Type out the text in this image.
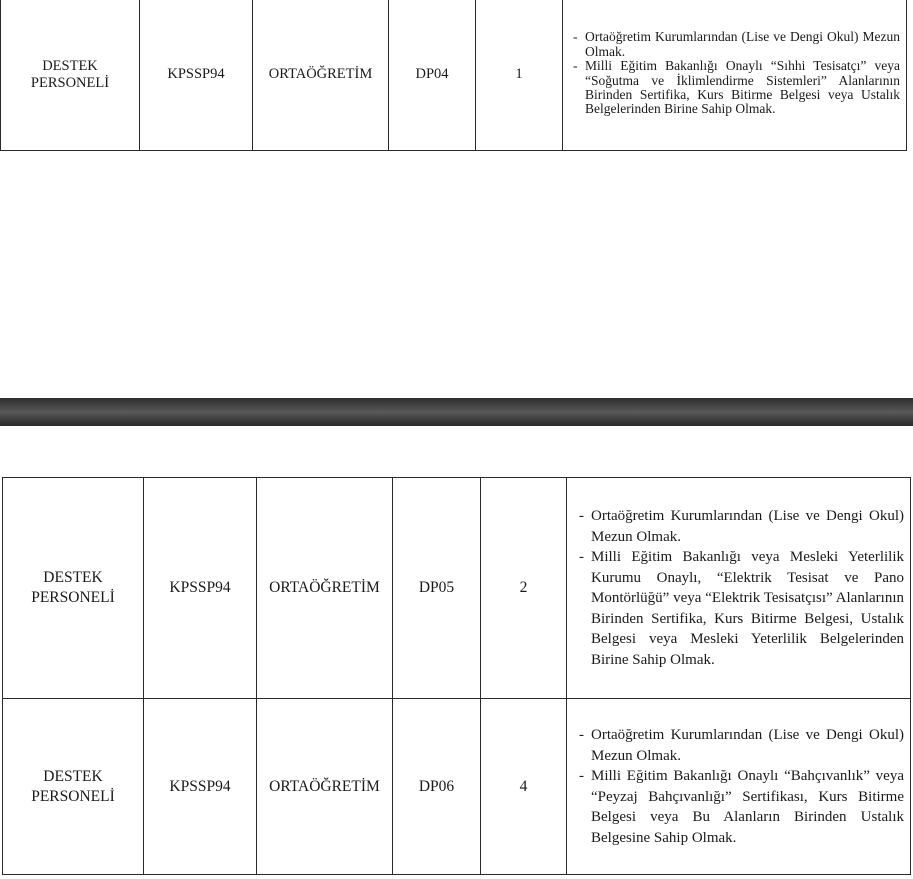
DESTEK PERSONELİ	KPSSP94	ORTAÖĞRETİM	DP04	1	
- Ortaöğretim Kurumlarından (Lise ve Dengi Okul) Mezun Olmak.
- Milli Eğitim Bakanlığı Onaylı “Sıhhi Tesisatçı” veya “Soğutma ve İklimlendirme Sistemleri” Alanlarının Birinden Sertifika, Kurs Bitirme Belgesi veya Ustalık Belgelerinden Birine Sahip Olmak.
DESTEK PERSONELİ	KPSSP94	ORTAÖĞRETİM	DP05	2	- Ortaöğretim Kurumlarından (Lise ve Dengi Okul) Mezun Olmak.
- Milli Eğitim Bakanlığı veya Mesleki Yeterlilik Kurumu Onaylı, “Elektrik Tesisat ve Pano Montörlüğü” veya “Elektrik Tesisatçısı” Alanlarının Birinden Sertifika, Kurs Bitirme Belgesi, Ustalık Belgesi veya Mesleki Yeterlilik Belgelerinden Birine Sahip Olmak.

DESTEK PERSONELİ	KPSSP94	ORTAÖĞRETİM	DP06	4	- Ortaöğretim Kurumlarından (Lise ve Dengi Okul) Mezun Olmak.
- Milli Eğitim Bakanlığı Onaylı “Bahçıvanlık” veya “Peyzaj Bahçıvanlığı” Sertifikası, Kurs Bitirme Belgesi veya Bu Alanların Birinden Ustalık Belgesine Sahip Olmak.
